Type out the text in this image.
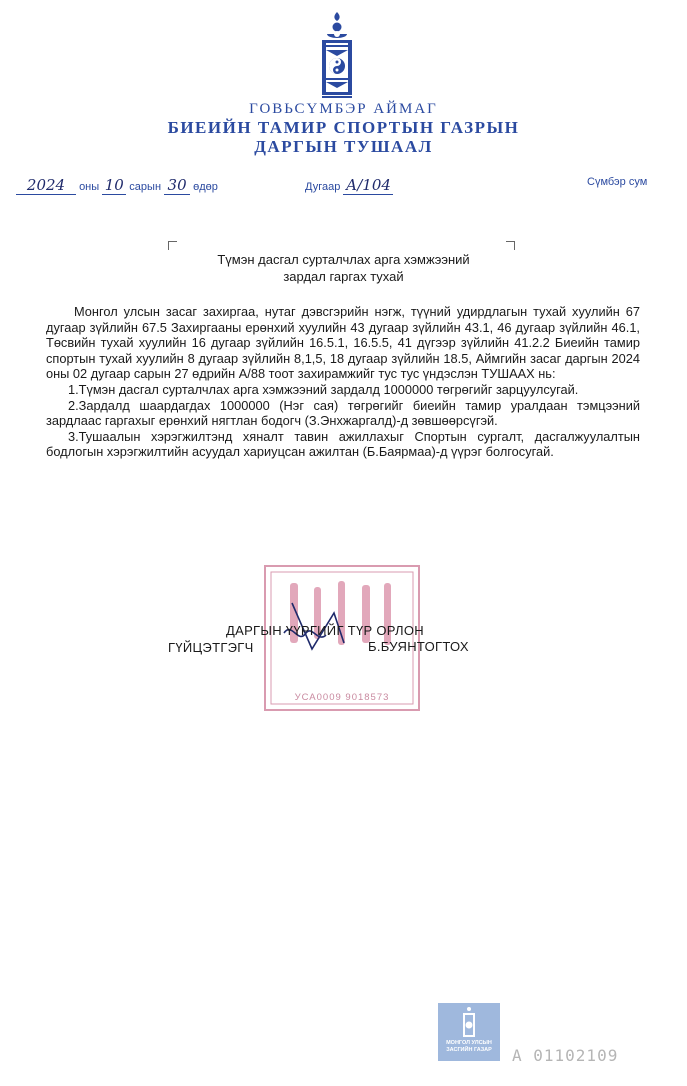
ГОВЬСҮМБЭР АЙМАГ
БИЕИЙН ТАМИР СПОРТЫН ГАЗРЫН
ДАРГЫН ТУШААЛ
2024 оны 10 сарын 30 өдөр	Дугаар А/104	Сүмбэр сум
Түмэн дасгал сурталчлах арга хэмжээний
зардал гаргах тухай

Монгол улсын засаг захиргаа, нутаг дэвсгэрийн нэгж, түүний удирдлагын тухай хуулийн 67 дугаар зүйлийн 67.5 Захиргааны ерөнхий хуулийн 43 дугаар зүйлийн 43.1, 46 дугаар зүйлийн 46.1, Төсвийн тухай хуулийн 16 дугаар зүйлийн 16.5.1, 16.5.5, 41 дүгээр зүйлийн 41.2.2 Биеийн тамир спортын тухай хуулийн 8 дугаар зүйлийн 8,1,5, 18 дугаар зүйлийн 18.5, Аймгийн засаг даргын 2024 оны 02 дугаар сарын 27 өдрийн А/88 тоот захирамжийг тус тус үндэслэн ТУШААХ нь:

1.Түмэн дасгал сурталчлах арга хэмжээний зардалд 1000000 төгрөгийг зарцуулсугай.

2.Зардалд шаардагдах 1000000 (Нэг сая) төгрөгийг биеийн тамир уралдаан тэмцээний зардлаас гаргахыг ерөнхий нягтлан бодогч (З.Энхжаргалд)-д зөвшөөрсүгэй.

3.Тушаалын хэрэгжилтэнд хяналт тавин ажиллахыг Спортын сургалт, дасгалжуулалтын бодлогын хэрэгжилтийн асуудал хариуцсан ажилтан (Б.Баярмаа)-д үүрэг болгосугай.

УСА0009 9018573
ДАРГЫН ҮҮРГИЙГ ТҮР ОРЛОН
ГҮЙЦЭТГЭГЧ	Б.БУЯНТОГТОХ
МОНГОЛ УЛСЫН
ЗАСГИЙН ГАЗАР	А 01102109
